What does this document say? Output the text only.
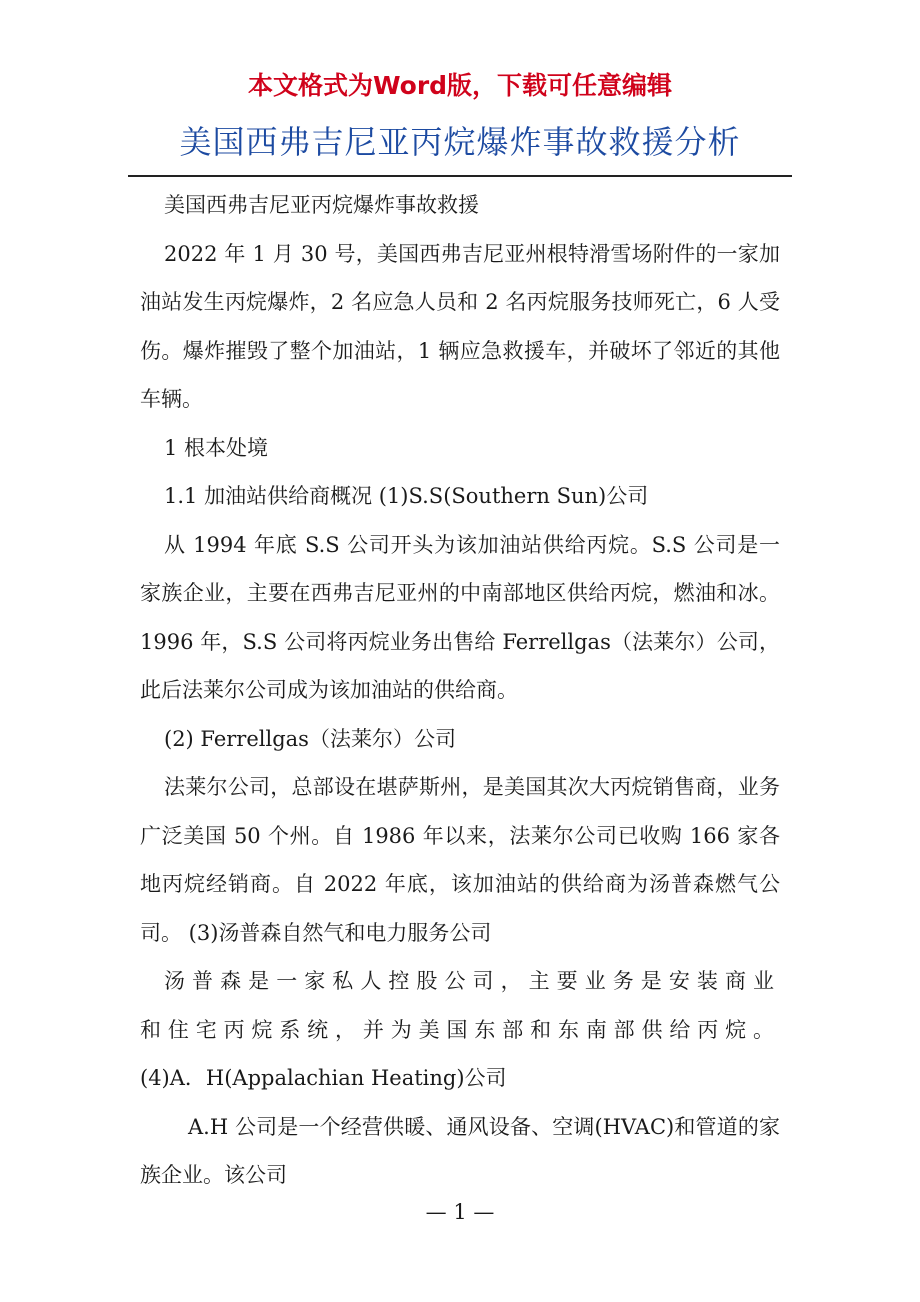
本文格式为Word版，下载可任意编辑
美国西弗吉尼亚丙烷爆炸事故救援分析

美国西弗吉尼亚丙烷爆炸事故救援

2022 年 1 月 30 号，美国西弗吉尼亚州根特滑雪场附件的一家加油站发生丙烷爆炸，2 名应急人员和 2 名丙烷服务技师死亡，6 人受伤。爆炸摧毁了整个加油站，1 辆应急救援车，并破坏了邻近的其他车辆。

1 根本处境

1.1 加油站供给商概况 (1)S.S(Southern Sun)公司

从 1994 年底 S.S 公司开头为该加油站供给丙烷。S.S 公司是一家族企业，主要在西弗吉尼亚州的中南部地区供给丙烷，燃油和冰。1996 年，S.S 公司将丙烷业务出售给 Ferrellgas（法莱尔）公司，此后法莱尔公司成为该加油站的供给商。

(2) Ferrellgas（法莱尔）公司

法莱尔公司，总部设在堪萨斯州，是美国其次大丙烷销售商，业务广泛美国 50 个州。自 1986 年以来，法莱尔公司已收购 166 家各地丙烷经销商。自 2022 年底，该加油站的供给商为汤普森燃气公司。 (3)汤普森自然气和电力服务公司

汤普森是一家私人控股公司，主要业务是安装商业和住宅丙烷系统，并为美国东部和东南部供给丙烷。

(4)A．H(Appalachian Heating)公司

A.H 公司是一个经营供暖、通风设备、空调(HVAC)和管道的家族企业。该公司

— 1 —
